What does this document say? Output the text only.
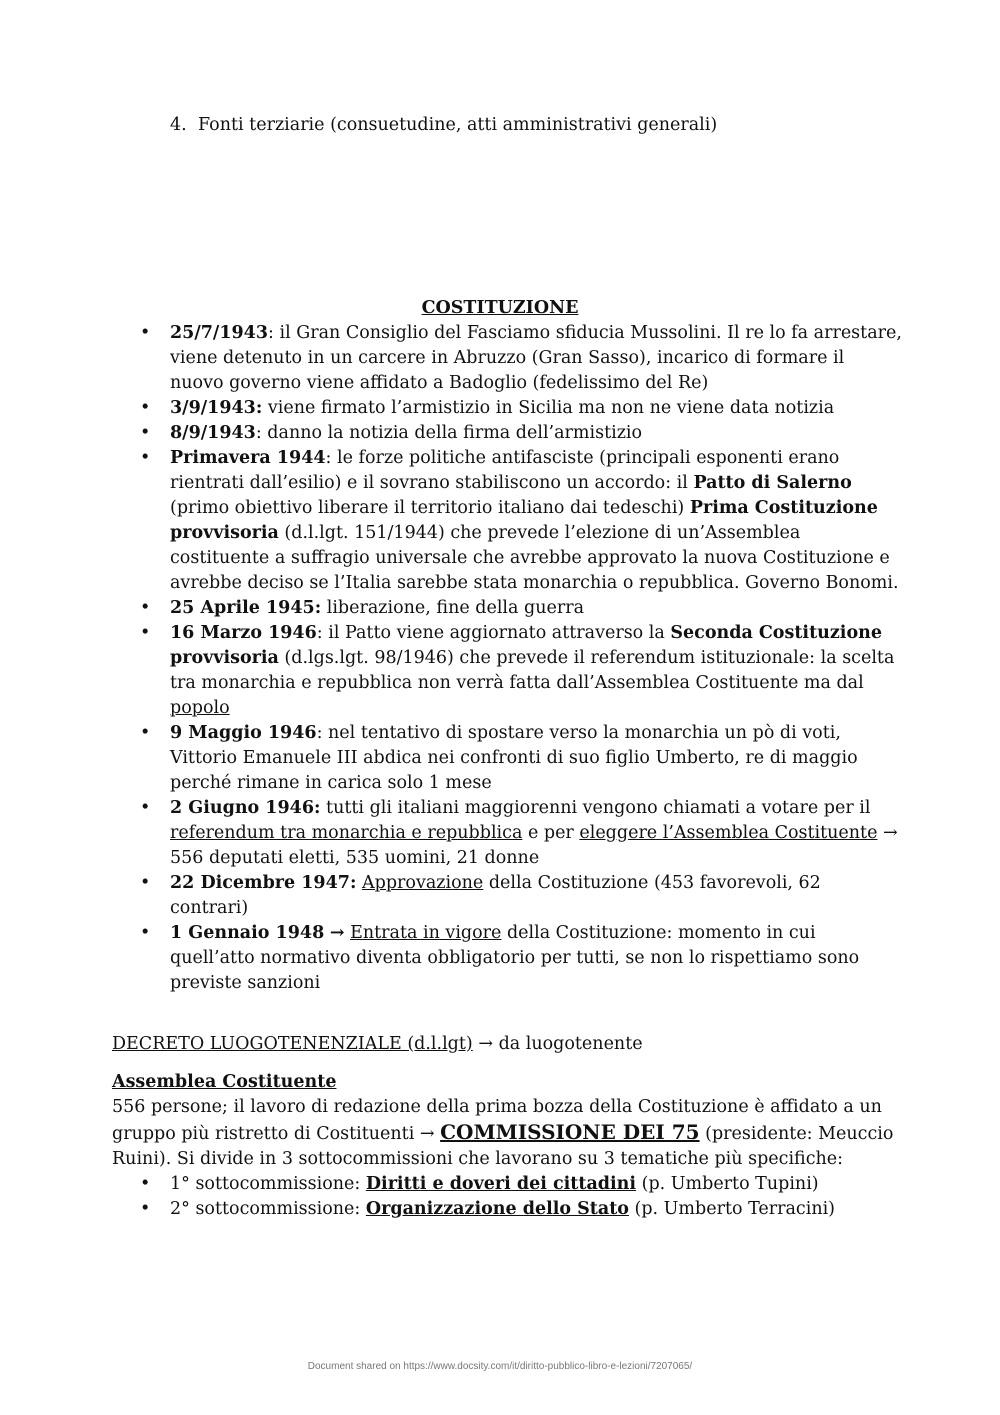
4. Fonti terziarie (consuetudine, atti amministrativi generali)
COSTITUZIONE
• 25/7/1943: il Gran Consiglio del Fasciamo sfiducia Mussolini. Il re lo fa arrestare, viene detenuto in un carcere in Abruzzo (Gran Sasso), incarico di formare il nuovo governo viene affidato a Badoglio (fedelissimo del Re)
• 3/9/1943: viene firmato l’armistizio in Sicilia ma non ne viene data notizia
• 8/9/1943: danno la notizia della firma dell’armistizio
• Primavera 1944: le forze politiche antifasciste (principali esponenti erano rientrati dall’esilio) e il sovrano stabiliscono un accordo: il Patto di Salerno (primo obiettivo liberare il territorio italiano dai tedeschi) Prima Costituzione provvisoria (d.l.lgt. 151/1944) che prevede l’elezione di un’Assemblea costituente a suffragio universale che avrebbe approvato la nuova Costituzione e avrebbe deciso se l’Italia sarebbe stata monarchia o repubblica. Governo Bonomi.
• 25 Aprile 1945: liberazione, fine della guerra
• 16 Marzo 1946: il Patto viene aggiornato attraverso la Seconda Costituzione provvisoria (d.lgs.lgt. 98/1946) che prevede il referendum istituzionale: la scelta tra monarchia e repubblica non verrà fatta dall’Assemblea Costituente ma dal popolo
• 9 Maggio 1946: nel tentativo di spostare verso la monarchia un pò di voti, Vittorio Emanuele III abdica nei confronti di suo figlio Umberto, re di maggio perché rimane in carica solo 1 mese
• 2 Giugno 1946: tutti gli italiani maggiorenni vengono chiamati a votare per il referendum tra monarchia e repubblica e per eleggere l’Assemblea Costituente → 556 deputati eletti, 535 uomini, 21 donne
• 22 Dicembre 1947: Approvazione della Costituzione (453 favorevoli, 62 contrari)
• 1 Gennaio 1948 → Entrata in vigore della Costituzione: momento in cui quell’atto normativo diventa obbligatorio per tutti, se non lo rispettiamo sono previste sanzioni
DECRETO LUOGOTENENZIALE (d.l.lgt) → da luogotenente
Assemblea Costituente
556 persone; il lavoro di redazione della prima bozza della Costituzione è affidato a un gruppo più ristretto di Costituenti → COMMISSIONE DEI 75 (presidente: Meuccio Ruini). Si divide in 3 sottocommissioni che lavorano su 3 tematiche più specifiche:
• 1° sottocommissione: Diritti e doveri dei cittadini (p. Umberto Tupini)
• 2° sottocommissione: Organizzazione dello Stato (p. Umberto Terracini)
Document shared on https://www.docsity.com/it/diritto-pubblico-libro-e-lezioni/7207065/
